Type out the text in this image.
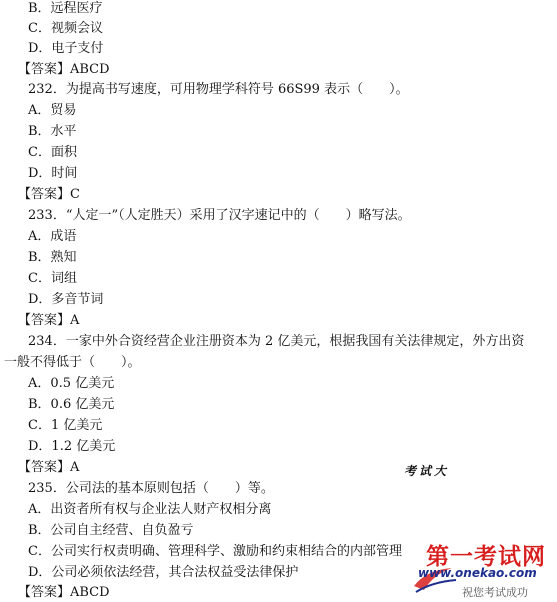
B．远程医疗
C．视频会议
D．电子支付
【答案】ABCD
232．为提高书写速度，可用物理学科符号 66S99 表示（　　）。
A．贸易
B．水平
C．面积
D．时间
【答案】C
233．“人定一”（人定胜天）采用了汉字速记中的（　　）略写法。
A．成语
B．熟知
C．词组
D．多音节词
【答案】A
234．一家中外合资经营企业注册资本为 2 亿美元，根据我国有关法律规定，外方出资
一般不得低于（　　）。
A．0.5 亿美元
B．0.6 亿美元
C．1 亿美元
D．1.2 亿美元
【答案】A
235．公司法的基本原则包括（　　）等。
A．出资者所有权与企业法人财产权相分离
B．公司自主经营、自负盈亏
C．公司实行权责明确、管理科学、激励和约束相结合的内部管理
D．公司必须依法经营，其合法权益受法律保护
【答案】ABCD
考试大
第一考试网
www.onekao.com
祝您考试成功
